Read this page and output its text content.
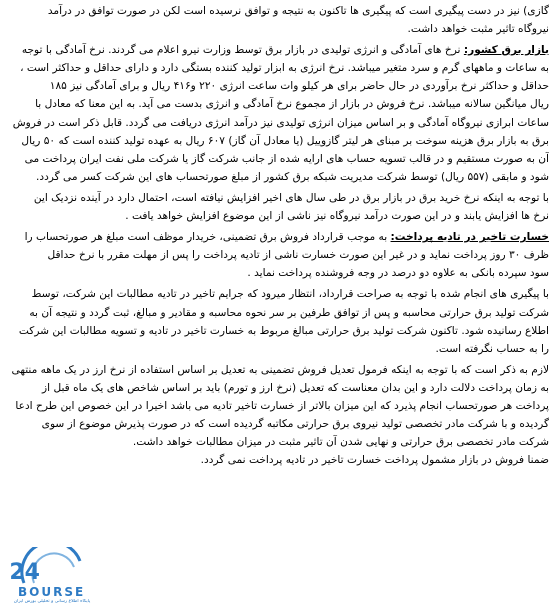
گازی) نیز در دست پیگیری است که پیگیری ها تاکنون به نتیجه و توافق نرسیده است لکن در صورت توافق در درآمد
نیروگاه تاثیر مثبت خواهد داشت.
بازار برق کشور: نرخ های آمادگی و انرژی تولیدی در بازار برق توسط وزارت نیرو اعلام می گردند. نرخ آمادگی با توجه
به ساعات و ماههای گرم و سرد متغیر میباشد. نرخ انرژی به ابزار تولید کننده بستگی دارد و دارای حداقل و حداکثر است ،
حداقل و حداکثر نرخ برآوردی در حال حاضر برای هر کیلو وات ساعت انرژی ۲۲۰ و۴۱۶ ریال و برای آمادگی نیز ۱۸۵
ریال میانگین سالانه میباشد. نرخ فروش در بازار از مجموع نرخ آمادگی و انرژی بدست می آید. به این معنا که معادل با
ساعات ابرازی نیروگاه آمادگی و بر اساس میزان انرژی تولیدی نیز درآمد انرژی دریافت می گردد. قابل ذکر است در فروش
برق به بازار برق هزینه سوخت بر مبنای هر لیتر گازوییل (یا معادل آن گاز) ۶۰۷ ریال به عهده تولید کننده است که ۵۰ ریال
آن به صورت مستقیم و در قالب تسویه حساب های ارایه شده از جانب شرکت گاز یا شرکت ملی نفت ایران پرداخت می
شود و مابقی (۵۵۷ ریال) توسط شرکت مدیریت شبکه برق کشور از مبلغ صورتحساب های این شرکت کسر می گردد.
با توجه به اینکه نرخ خرید برق در بازار برق در طی سال های اخیر افزایش نیافته است، احتمال دارد در آینده نزدیک این
نرخ ها افزایش یابند و در این صورت درآمد نیروگاه نیز ناشی از این موضوع افزایش خواهد یافت .
خسارت تاخیر در تادیه پرداخت: به موجب قرارداد فروش برق تضمینی، خریدار موظف است مبلغ هر صورتحساب را
ظرف ۳۰ روز پرداخت نماید و در غیر این صورت خسارت ناشی از تادیه پرداخت را پس از مهلت مقرر با نرخ حداقل
سود سپرده بانکی به علاوه دو درصد در وجه فروشنده پرداخت نماید .
با پیگیری های انجام شده با توجه به صراحت قرارداد، انتظار میرود که جرایم تاخیر در تادیه مطالبات این شرکت، توسط
شرکت تولید برق حرارتی محاسبه و پس از توافق طرفین بر سر نحوه محاسبه و مقادیر و مبالغ، ثبت گردد و نتیجه آن به
اطلاع رسانیده شود. تاکنون شرکت تولید برق حرارتی مبالغ مربوط به خسارت تاخیر در تادیه و تسویه مطالبات این شرکت
را به حساب نگرفته است.
لازم به ذکر است که با توجه به اینکه فرمول تعدیل فروش تضمینی به تعدیل بر اساس استفاده از نرخ ارز در یک ماهه منتهی
به زمان پرداخت دلالت دارد و این بدان معناست که تعدیل (نرخ ارز و تورم) باید بر اساس شاخص های یک ماه قبل از
پرداخت هر صورتحساب انجام پذیرد که این میزان بالاتر از خسارت تاخیر تادیه می باشد اخیرا در این خصوص این طرح ادعا
گردیده و با شرکت مادر تخصصی تولید نیروی برق حرارتی مکاتبه گردیده است که در صورت پذیرش موضوع از سوی
شرکت مادر تخصصی برق حرارتی و نهایی شدن آن تاثیر مثبت در میزان مطالبات خواهد داشت.
ضمنا فروش در بازار مشمول پرداخت خسارت تاخیر در تادیه پرداخت نمی گردد.
24
BOURSE
پایگاه اطلاع رسانی و تحلیلی بورس ایران
